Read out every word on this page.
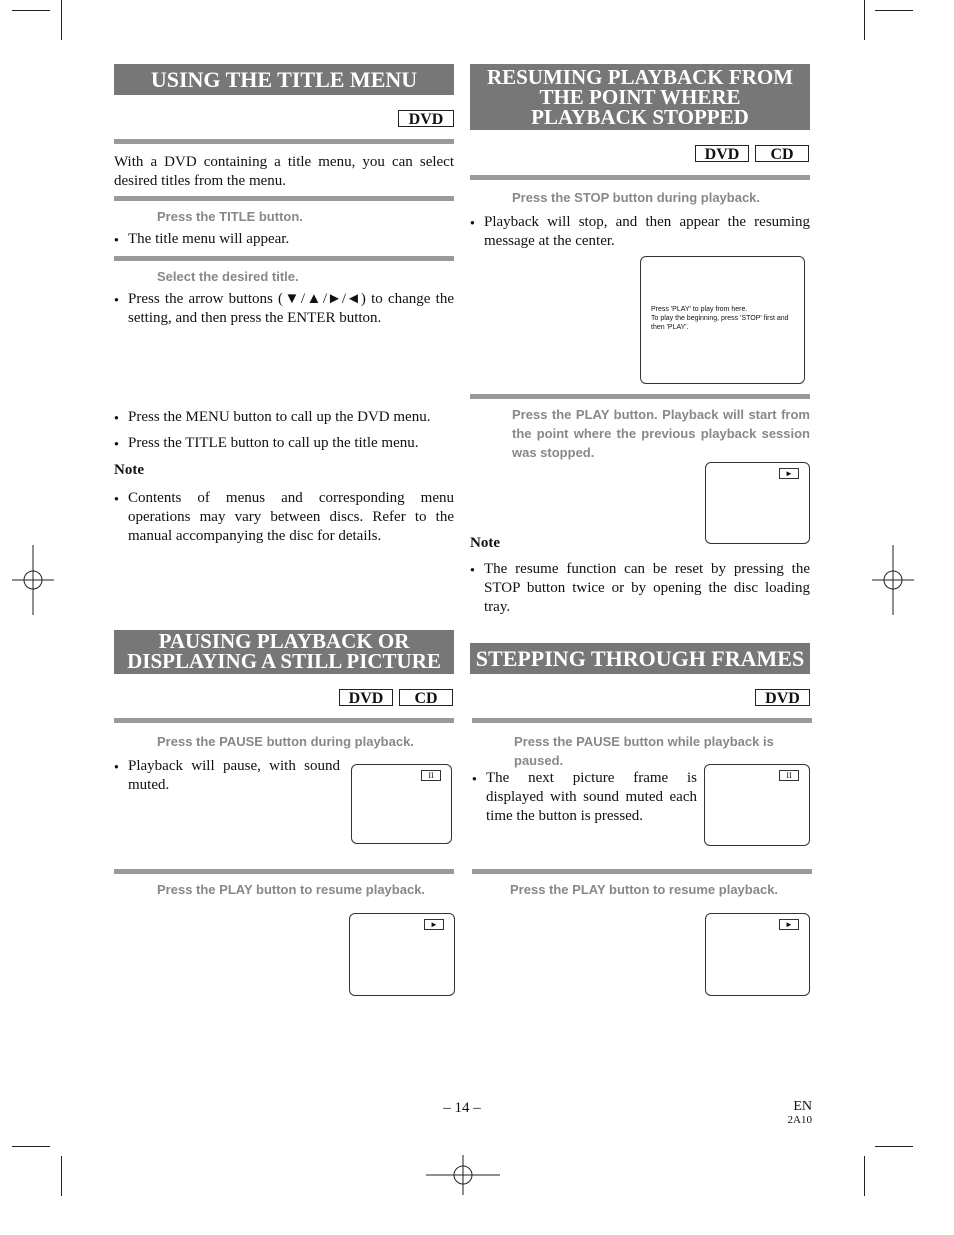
USING THE TITLE MENU
DVD
With a DVD containing a title menu, you can select desired titles from the menu.
Press the TITLE button.
● The title menu will appear.
Select the desired title.
● Press the arrow buttons (▼/▲/►/◄) to change the setting, and then press the ENTER button.
● Press the MENU button to call up the DVD menu.
● Press the TITLE button to call up the title menu.
Note
● Contents of menus and corresponding menu operations may vary between discs. Refer to the manual accompanying the disc for details.
RESUMING PLAYBACK FROM THE POINT WHERE PLAYBACK STOPPED
DVD	CD
Press the STOP button during playback.
● Playback will stop, and then appear the resuming message at the center.
Press 'PLAY' to play from here.
To play the beginning, press 'STOP' first and then 'PLAY'.
Press the PLAY button. Playback will start from the point where the previous playback session was stopped.
►
Note
● The resume function can be reset by pressing the STOP button twice or by opening the disc loading tray.
PAUSING PLAYBACK OR DISPLAYING A STILL PICTURE
DVD	CD
Press the PAUSE button during playback.
● Playback will pause, with sound muted.
II
Press the PLAY button to resume playback.
►
STEPPING THROUGH FRAMES
DVD
Press the PAUSE button while playback is paused.
● The next picture frame is displayed with sound muted each time the button is pressed.
II
Press the PLAY button to resume playback.
►
– 14 –	EN
2A10
